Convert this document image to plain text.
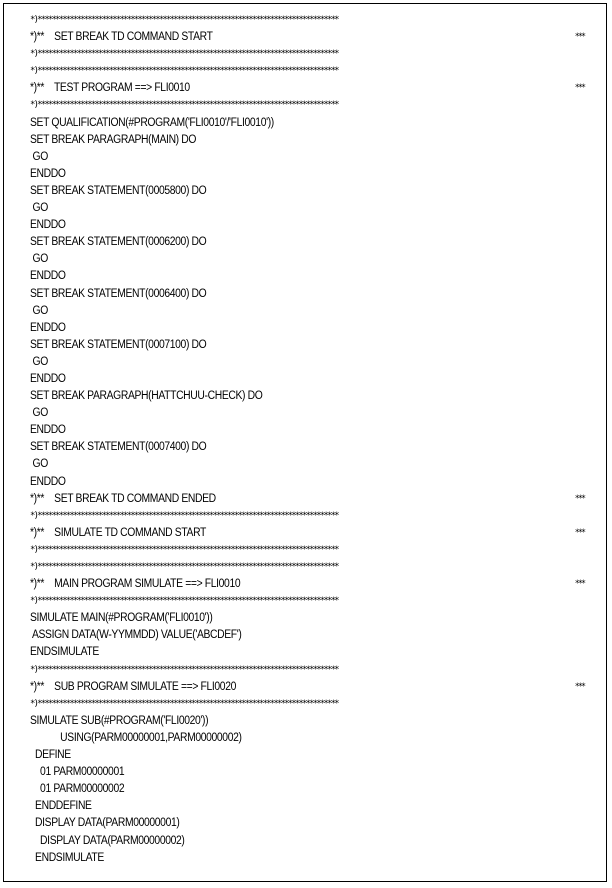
*)************************************************************************************
*)**    SET BREAK TD COMMAND START	***
*)************************************************************************************
*)************************************************************************************
*)**    TEST PROGRAM ==> FLI0010	***
*)************************************************************************************
SET QUALIFICATION(#PROGRAM('FLI0010'/'FLI0010'))
SET BREAK PARAGRAPH(MAIN) DO
GO
ENDDO
SET BREAK STATEMENT(0005800) DO
GO
ENDDO
SET BREAK STATEMENT(0006200) DO
GO
ENDDO
SET BREAK STATEMENT(0006400) DO
GO
ENDDO
SET BREAK STATEMENT(0007100) DO
GO
ENDDO
SET BREAK PARAGRAPH(HATTCHUU-CHECK) DO
GO
ENDDO
SET BREAK STATEMENT(0007400) DO
GO
ENDDO
*)**    SET BREAK TD COMMAND ENDED	***
*)************************************************************************************
*)**    SIMULATE TD COMMAND START	***
*)************************************************************************************
*)************************************************************************************
*)**    MAIN PROGRAM SIMULATE ==> FLI0010	***
*)************************************************************************************
SIMULATE MAIN(#PROGRAM('FLI0010'))
ASSIGN DATA(W-YYMMDD) VALUE('ABCDEF')
ENDSIMULATE
*)************************************************************************************
*)**    SUB PROGRAM SIMULATE ==> FLI0020	***
*)************************************************************************************
SIMULATE SUB(#PROGRAM('FLI0020'))
USING(PARM00000001,PARM00000002)
DEFINE
01 PARM00000001
01 PARM00000002
ENDDEFINE
DISPLAY DATA(PARM00000001)
DISPLAY DATA(PARM00000002)
ENDSIMULATE
